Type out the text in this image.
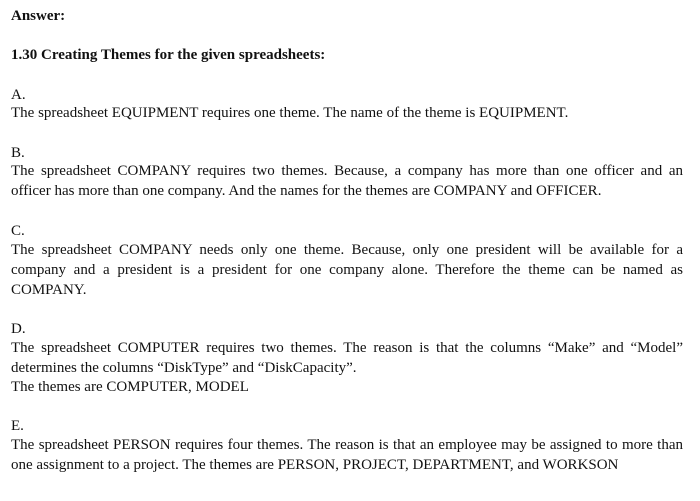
Answer:
1.30 Creating Themes for the given spreadsheets:
A.
The spreadsheet EQUIPMENT requires one theme. The name of the theme is EQUIPMENT.
B.
The spreadsheet COMPANY requires two themes. Because, a company has more than one officer and an officer has more than one company. And the names for the themes are COMPANY and OFFICER.
C.
The spreadsheet COMPANY needs only one theme. Because, only one president will be available for a company and a president is a president for one company alone. Therefore the theme can be named as COMPANY.
D.
The spreadsheet COMPUTER requires two themes. The reason is that the columns “Make” and “Model” determines the columns “DiskType” and “DiskCapacity”.
The themes are COMPUTER, MODEL
E.
The spreadsheet PERSON requires four themes. The reason is that an employee may be assigned to more than one assignment to a project. The themes are PERSON, PROJECT, DEPARTMENT, and WORKSON
